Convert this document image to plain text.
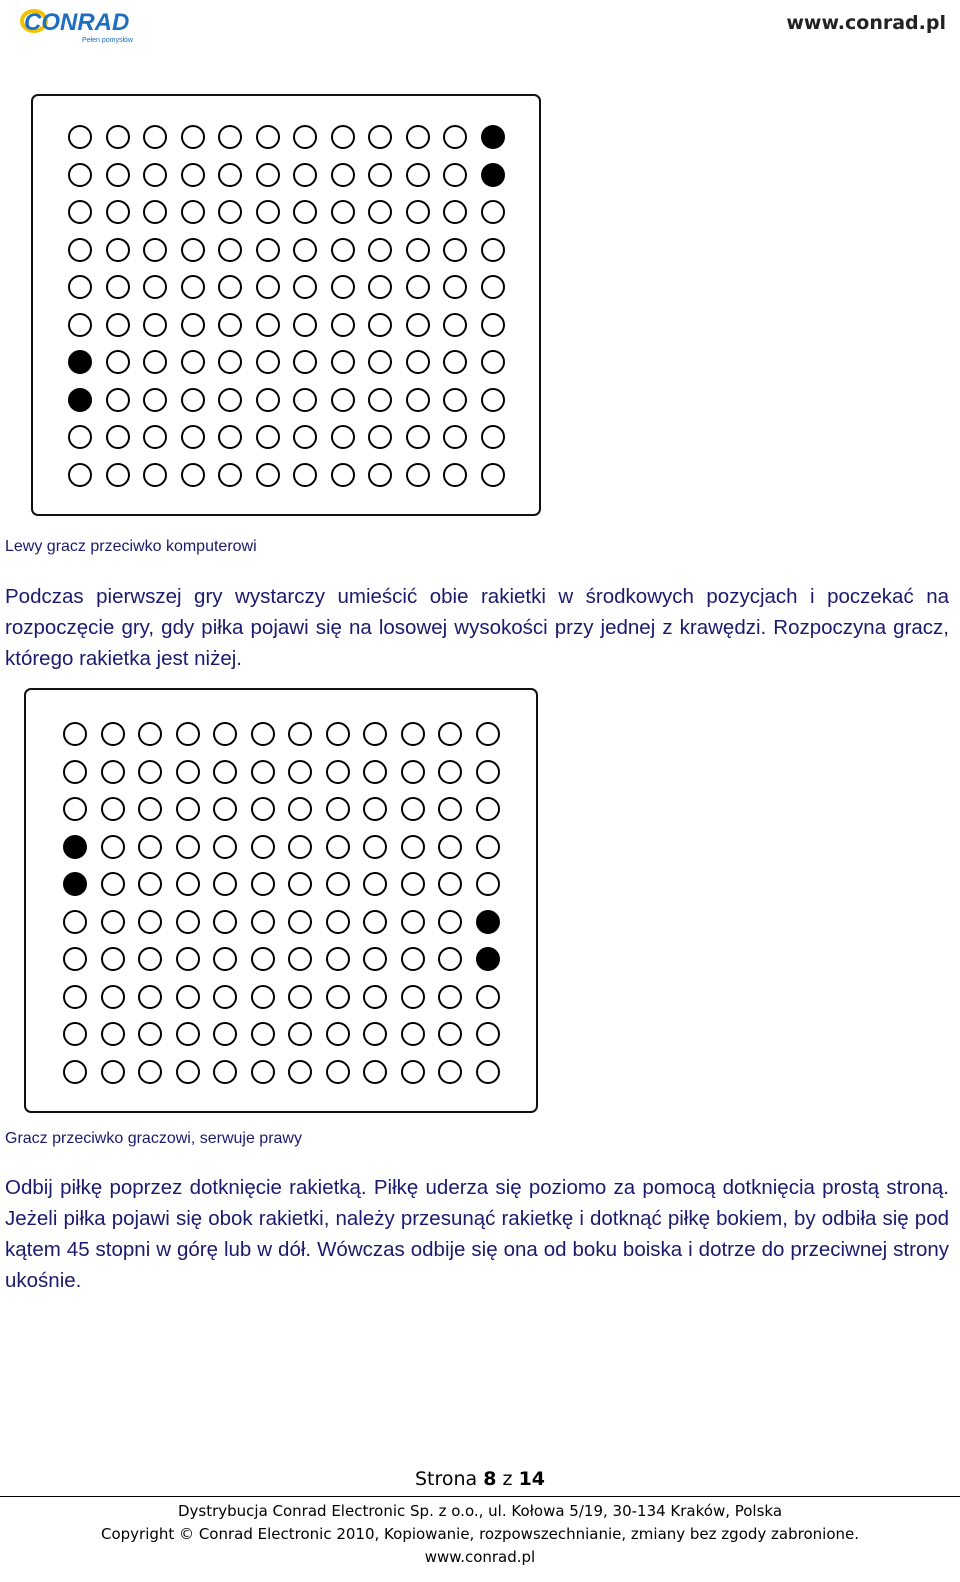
CONRAD
Pełen pomysłów
www.conrad.pl
Lewy gracz przeciwko komputerowi

Podczas pierwszej gry wystarczy umieścić obie rakietki w środkowych pozycjach i poczekać na rozpoczęcie gry, gdy piłka pojawi się na losowej wysokości przy jednej z krawędzi. Rozpoczyna gracz, którego rakietka jest niżej.

Gracz przeciwko graczowi, serwuje prawy

Odbij piłkę poprzez dotknięcie rakietką. Piłkę uderza się poziomo za pomocą dotknięcia prostą stroną. Jeżeli piłka pojawi się obok rakietki, należy przesunąć rakietkę i dotknąć piłkę bokiem, by odbiła się pod kątem 45 stopni w górę lub w dół. Wówczas odbije się ona od boku boiska i dotrze do przeciwnej strony ukośnie.

Strona 8 z 14
Dystrybucja Conrad Electronic Sp. z o.o., ul. Kołowa 5/19, 30-134 Kraków, Polska
Copyright © Conrad Electronic 2010, Kopiowanie, rozpowszechnianie, zmiany bez zgody zabronione.
www.conrad.pl
